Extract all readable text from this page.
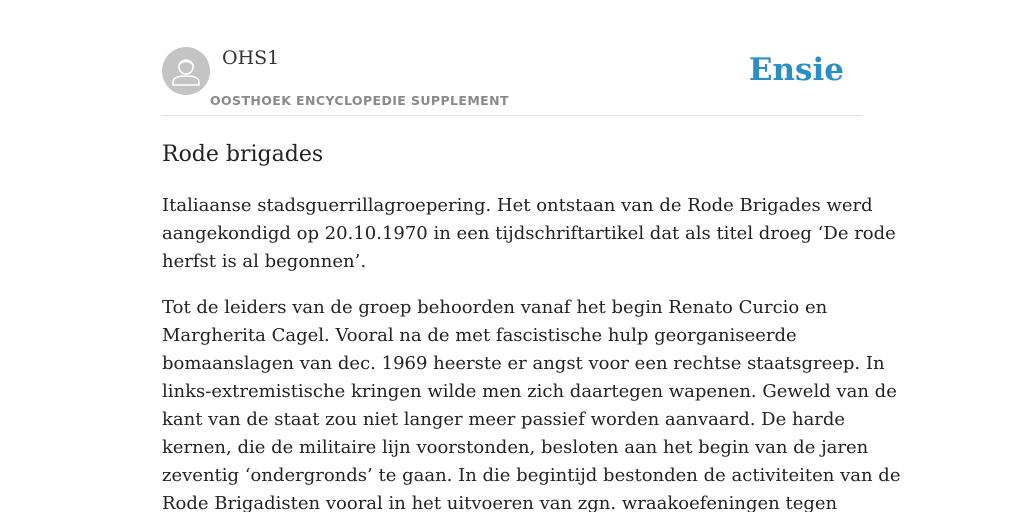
OHS1
OOSTHOEK ENCYCLOPEDIE SUPPLEMENT
Ensie
Rode brigades

Italiaanse stadsguerrillagroepering. Het ontstaan van de Rode Brigades werd
aangekondigd op 20.10.1970 in een tijdschriftartikel dat als titel droeg ‘De rode
herfst is al begonnen’.

Tot de leiders van de groep behoorden vanaf het begin Renato Curcio en
Margherita Cagel. Vooral na de met fascistische hulp georganiseerde
bomaanslagen van dec. 1969 heerste er angst voor een rechtse staatsgreep. In
links-extremistische kringen wilde men zich daartegen wapenen. Geweld van de
kant van de staat zou niet langer meer passief worden aanvaard. De harde
kernen, die de militaire lijn voorstonden, besloten aan het begin van de jaren
zeventig ‘ondergronds’ te gaan. In die begintijd bestonden de activiteiten van de
Rode Brigadisten vooral in het uitvoeren van zgn. wraakoefeningen tegen
